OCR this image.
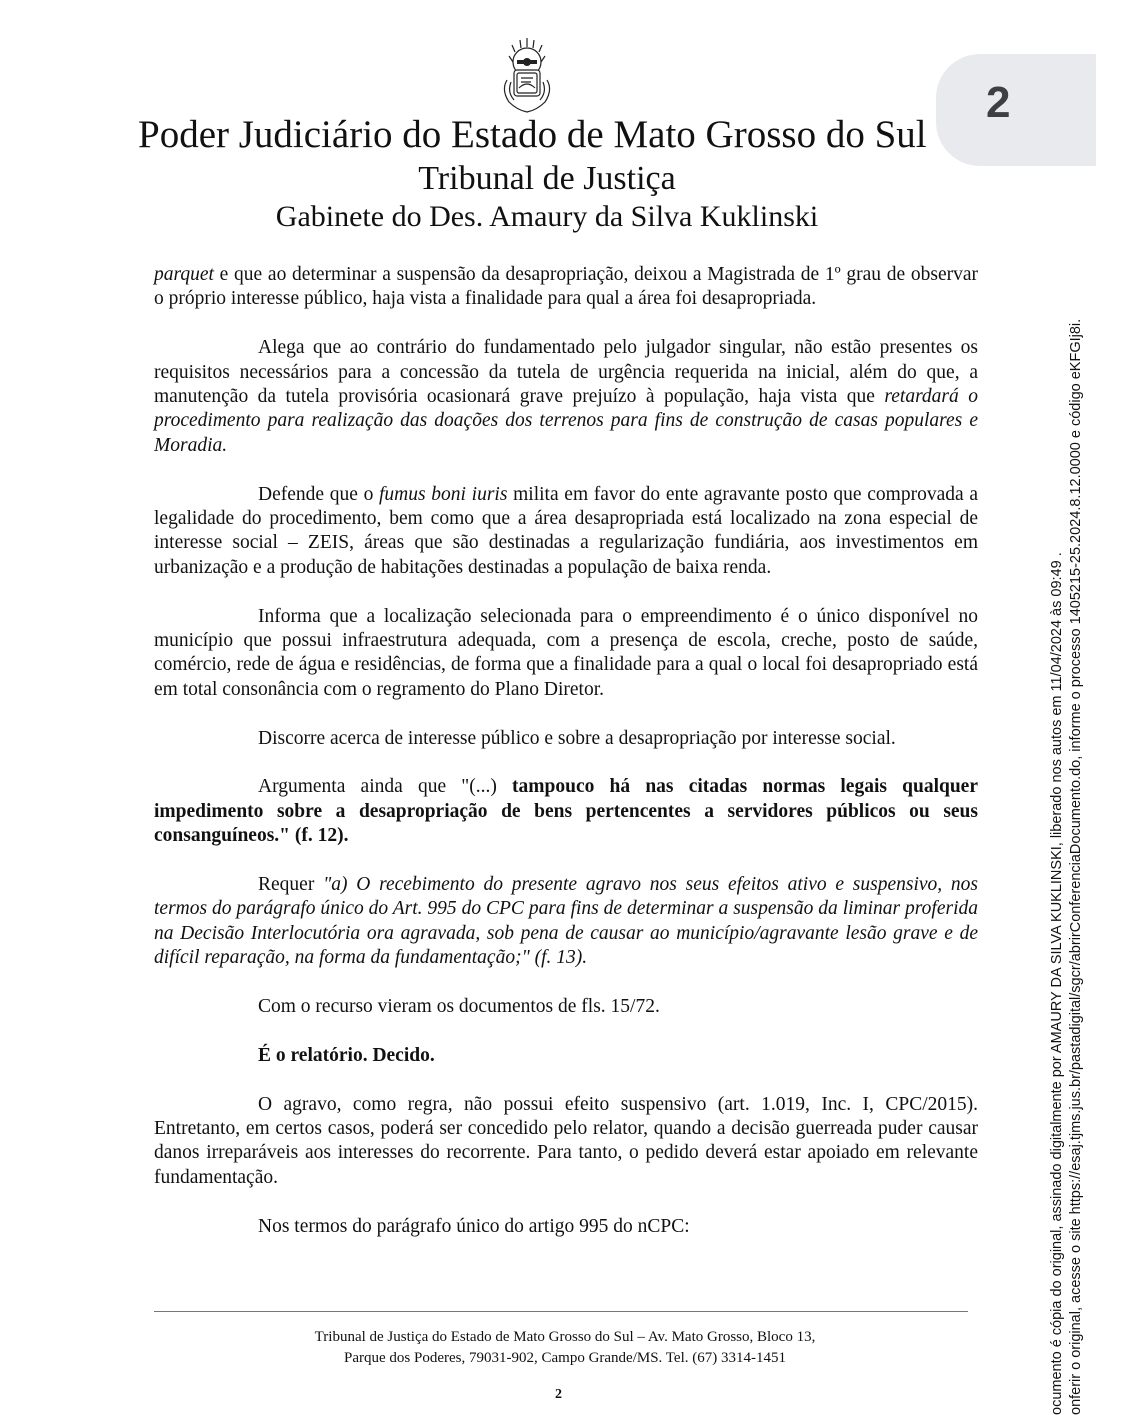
2
Poder Judiciário do Estado de Mato Grosso do Sul
Tribunal de Justiça
Gabinete do Des. Amaury da Silva Kuklinski

parquet e que ao determinar a suspensão da desapropriação, deixou a Magistrada de 1º grau de observar o próprio interesse público, haja vista a finalidade para qual a área foi desapropriada.

Alega que ao contrário do fundamentado pelo julgador singular, não estão presentes os requisitos necessários para a concessão da tutela de urgência requerida na inicial, além do que, a manutenção da tutela provisória ocasionará grave prejuízo à população, haja vista que retardará o procedimento para realização das doações dos terrenos para fins de construção de casas populares e Moradia.

Defende que o fumus boni iuris milita em favor do ente agravante posto que comprovada a legalidade do procedimento, bem como que a área desapropriada está localizado na zona especial de interesse social – ZEIS, áreas que são destinadas a regularização fundiária, aos investimentos em urbanização e a produção de habitações destinadas a população de baixa renda.

Informa que a localização selecionada para o empreendimento é o único disponível no município que possui infraestrutura adequada, com a presença de escola, creche, posto de saúde, comércio, rede de água e residências, de forma que a finalidade para a qual o local foi desapropriado está em total consonância com o regramento do Plano Diretor.

Discorre acerca de interesse público e sobre a desapropriação por interesse social.

Argumenta ainda que "(...) tampouco há nas citadas normas legais qualquer impedimento sobre a desapropriação de bens pertencentes a servidores públicos ou seus consanguíneos." (f. 12).

Requer "a) O recebimento do presente agravo nos seus efeitos ativo e suspensivo, nos termos do parágrafo único do Art. 995 do CPC para fins de determinar a suspensão da liminar proferida na Decisão Interlocutória ora agravada, sob pena de causar ao município/agravante lesão grave e de difícil reparação, na forma da fundamentação;" (f. 13).

Com o recurso vieram os documentos de fls. 15/72.

É o relatório. Decido.

O agravo, como regra, não possui efeito suspensivo (art. 1.019, Inc. I, CPC/2015). Entretanto, em certos casos, poderá ser concedido pelo relator, quando a decisão guerreada puder causar danos irreparáveis aos interesses do recorrente. Para tanto, o pedido deverá estar apoiado em relevante fundamentação.

Nos termos do parágrafo único do artigo 995 do nCPC:

Tribunal de Justiça do Estado de Mato Grosso do Sul – Av. Mato Grosso, Bloco 13,
Parque dos Poderes, 79031-902, Campo Grande/MS. Tel. (67) 3314-1451
2	ocumento é cópia do original, assinado digitalmente por AMAURY DA SILVA KUKLINSKI, liberado nos autos em 11/04/2024 às 09:49 . onferir o original, acesse o site https://esaj.tjms.jus.br/pastadigital/sgcr/abrirConferenciaDocumento.do, informe o processo 1405215-25.2024.8.12.0000 e código eKFGIj8i.
